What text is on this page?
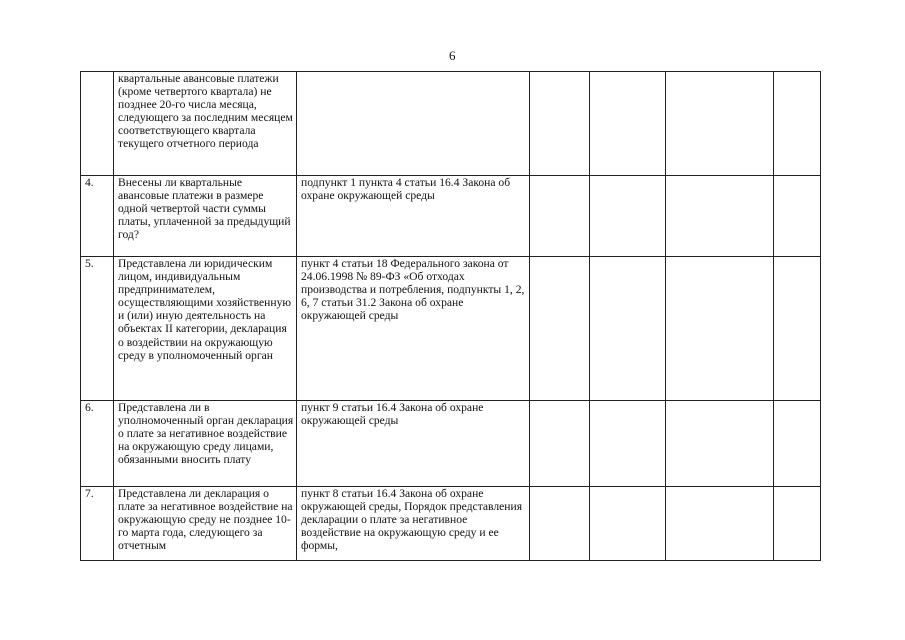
6
	квартальные авансовые платежи (кроме четвертого квартала) не позднее 20-го числа месяца, следующего за последним месяцем соответствующего квартала текущего отчетного периода					
4.	Внесены ли квартальные авансовые платежи в размере одной четвертой части суммы платы, уплаченной за предыдущий год?	подпункт 1 пункта 4 статьи 16.4 Закона об охране окружающей среды				
5.	Представлена ли юридическим лицом, индивидуальным предпринимателем, осуществляющими хозяйственную и (или) иную деятельность на объектах II категории, декларация о воздействии на окружающую среду в уполномоченный орган	пункт 4 статьи 18 Федерального закона от 24.06.1998 № 89-ФЗ «Об отходах производства и потребления, подпункты 1, 2, 6, 7 статьи 31.2 Закона об охране окружающей среды				
6.	Представлена ли в уполномоченный орган декларация о плате за негативное воздействие на окружающую среду лицами, обязанными вносить плату	пункт 9 статьи 16.4 Закона об охране окружающей среды				
7.	Представлена ли декларация о плате за негативное воздействие на окружающую среду не позднее 10-го марта года, следующего за отчетным	пункт 8 статьи 16.4 Закона об охране окружающей среды, Порядок представления декларации о плате за негативное воздействие на окружающую среду и ее формы,				
